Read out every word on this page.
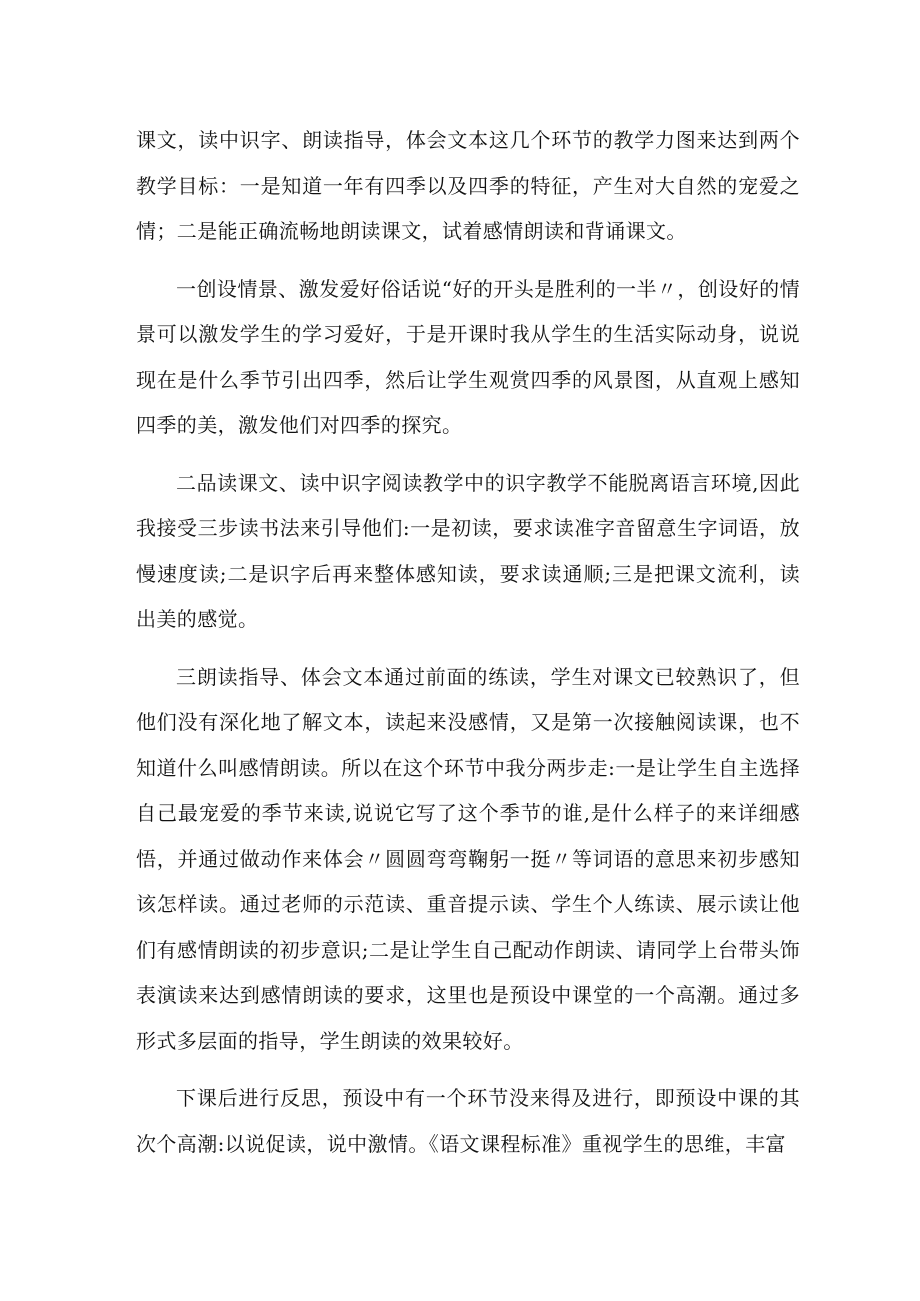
课文，读中识字、朗读指导，体会文本这几个环节的教学力图来达到两个教学目标：一是知道一年有四季以及四季的特征，产生对大自然的宠爱之情；二是能正确流畅地朗读课文，试着感情朗读和背诵课文。

一创设情景、激发爱好俗话说“好的开头是胜利的一半〃，创设好的情景可以激发学生的学习爱好，于是开课时我从学生的生活实际动身，说说现在是什么季节引出四季，然后让学生观赏四季的风景图，从直观上感知四季的美，激发他们对四季的探究。

二品读课文、读中识字阅读教学中的识字教学不能脱离语言环境,因此我接受三步读书法来引导他们:一是初读，要求读准字音留意生字词语，放慢速度读;二是识字后再来整体感知读，要求读通顺;三是把课文流利，读出美的感觉。

三朗读指导、体会文本通过前面的练读，学生对课文已较熟识了，但他们没有深化地了解文本，读起来没感情，又是第一次接触阅读课，也不知道什么叫感情朗读。所以在这个环节中我分两步走:一是让学生自主选择自己最宠爱的季节来读,说说它写了这个季节的谁,是什么样子的来详细感悟，并通过做动作来体会〃圆圆弯弯鞠躬一挺〃等词语的意思来初步感知该怎样读。通过老师的示范读、重音提示读、学生个人练读、展示读让他们有感情朗读的初步意识;二是让学生自己配动作朗读、请同学上台带头饰表演读来达到感情朗读的要求，这里也是预设中课堂的一个高潮。通过多形式多层面的指导，学生朗读的效果较好。

下课后进行反思，预设中有一个环节没来得及进行，即预设中课的其次个高潮:以说促读，说中激情。《语文课程标准》重视学生的思维，丰富
